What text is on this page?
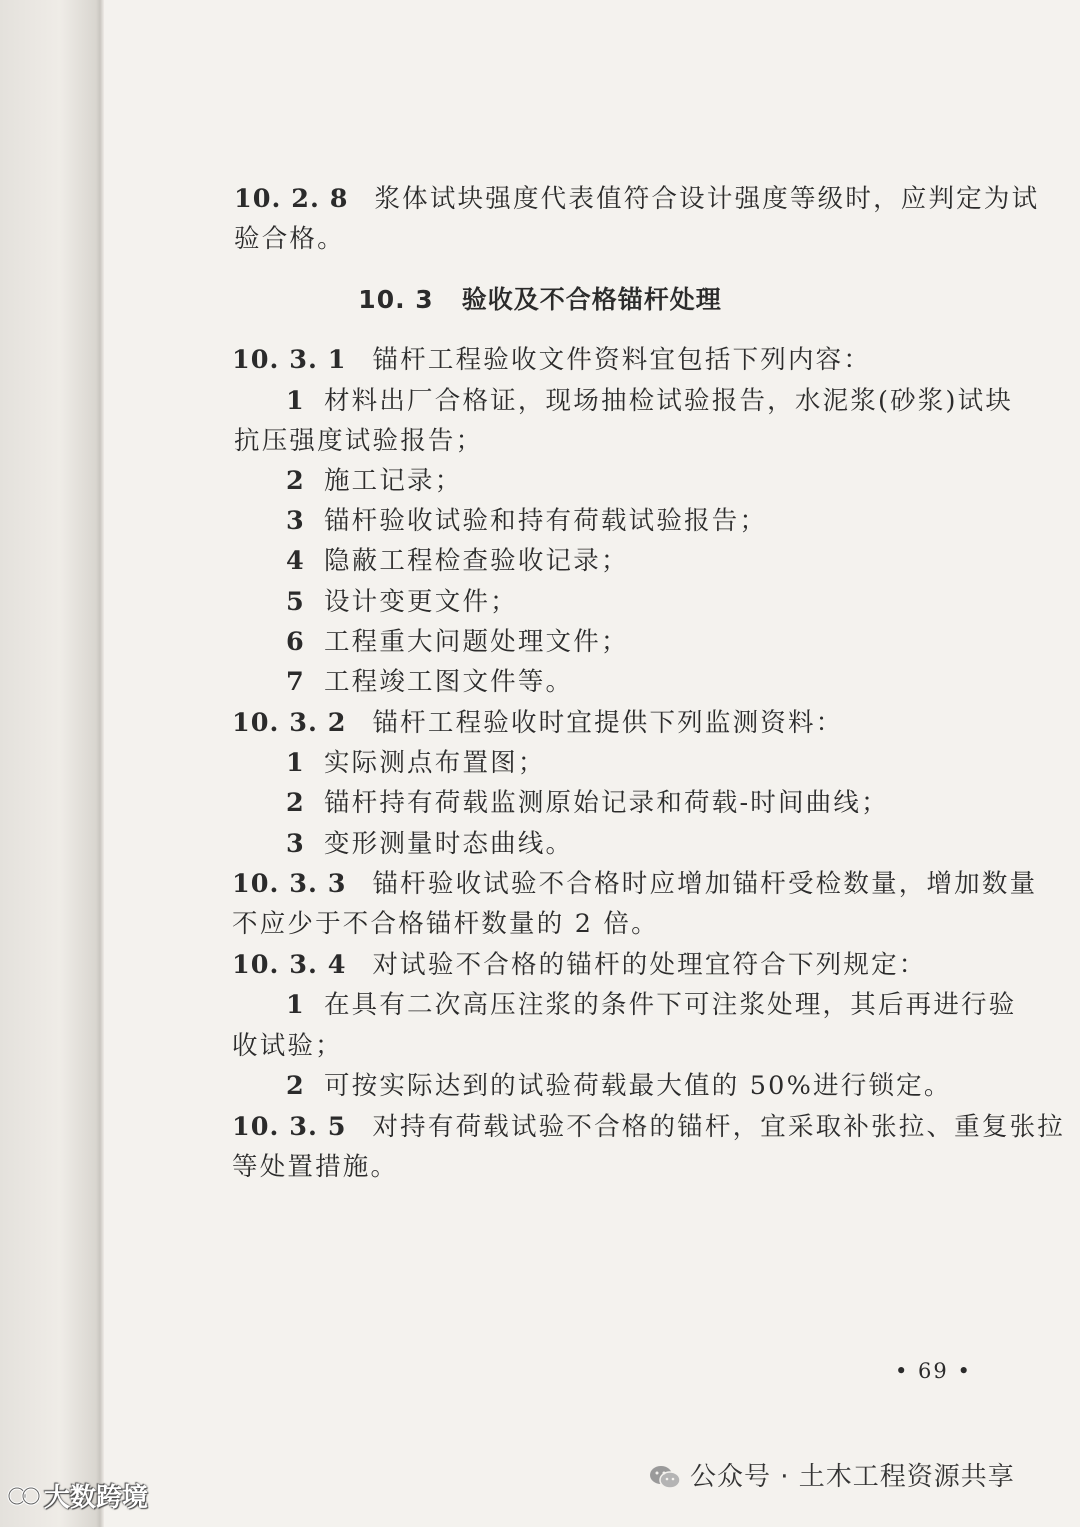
10. 2. 8 浆体试块强度代表值符合设计强度等级时，应判定为试
验合格。
10. 3 验收及不合格锚杆处理
10. 3. 1 锚杆工程验收文件资料宜包括下列内容：
1 材料出厂合格证，现场抽检试验报告，水泥浆(砂浆)试块
抗压强度试验报告；
2 施工记录；
3 锚杆验收试验和持有荷载试验报告；
4 隐蔽工程检查验收记录；
5 设计变更文件；
6 工程重大问题处理文件；
7 工程竣工图文件等。
10. 3. 2 锚杆工程验收时宜提供下列监测资料：
1 实际测点布置图；
2 锚杆持有荷载监测原始记录和荷载-时间曲线；
3 变形测量时态曲线。
10. 3. 3 锚杆验收试验不合格时应增加锚杆受检数量，增加数量
不应少于不合格锚杆数量的 2 倍。
10. 3. 4 对试验不合格的锚杆的处理宜符合下列规定：
1 在具有二次高压注浆的条件下可注浆处理，其后再进行验
收试验；
2 可按实际达到的试验荷载最大值的 50%进行锁定。
10. 3. 5 对持有荷载试验不合格的锚杆，宜采取补张拉、重复张拉
等处置措施。
• 69 •
大数跨境
公众号 · 土木工程资源共享
